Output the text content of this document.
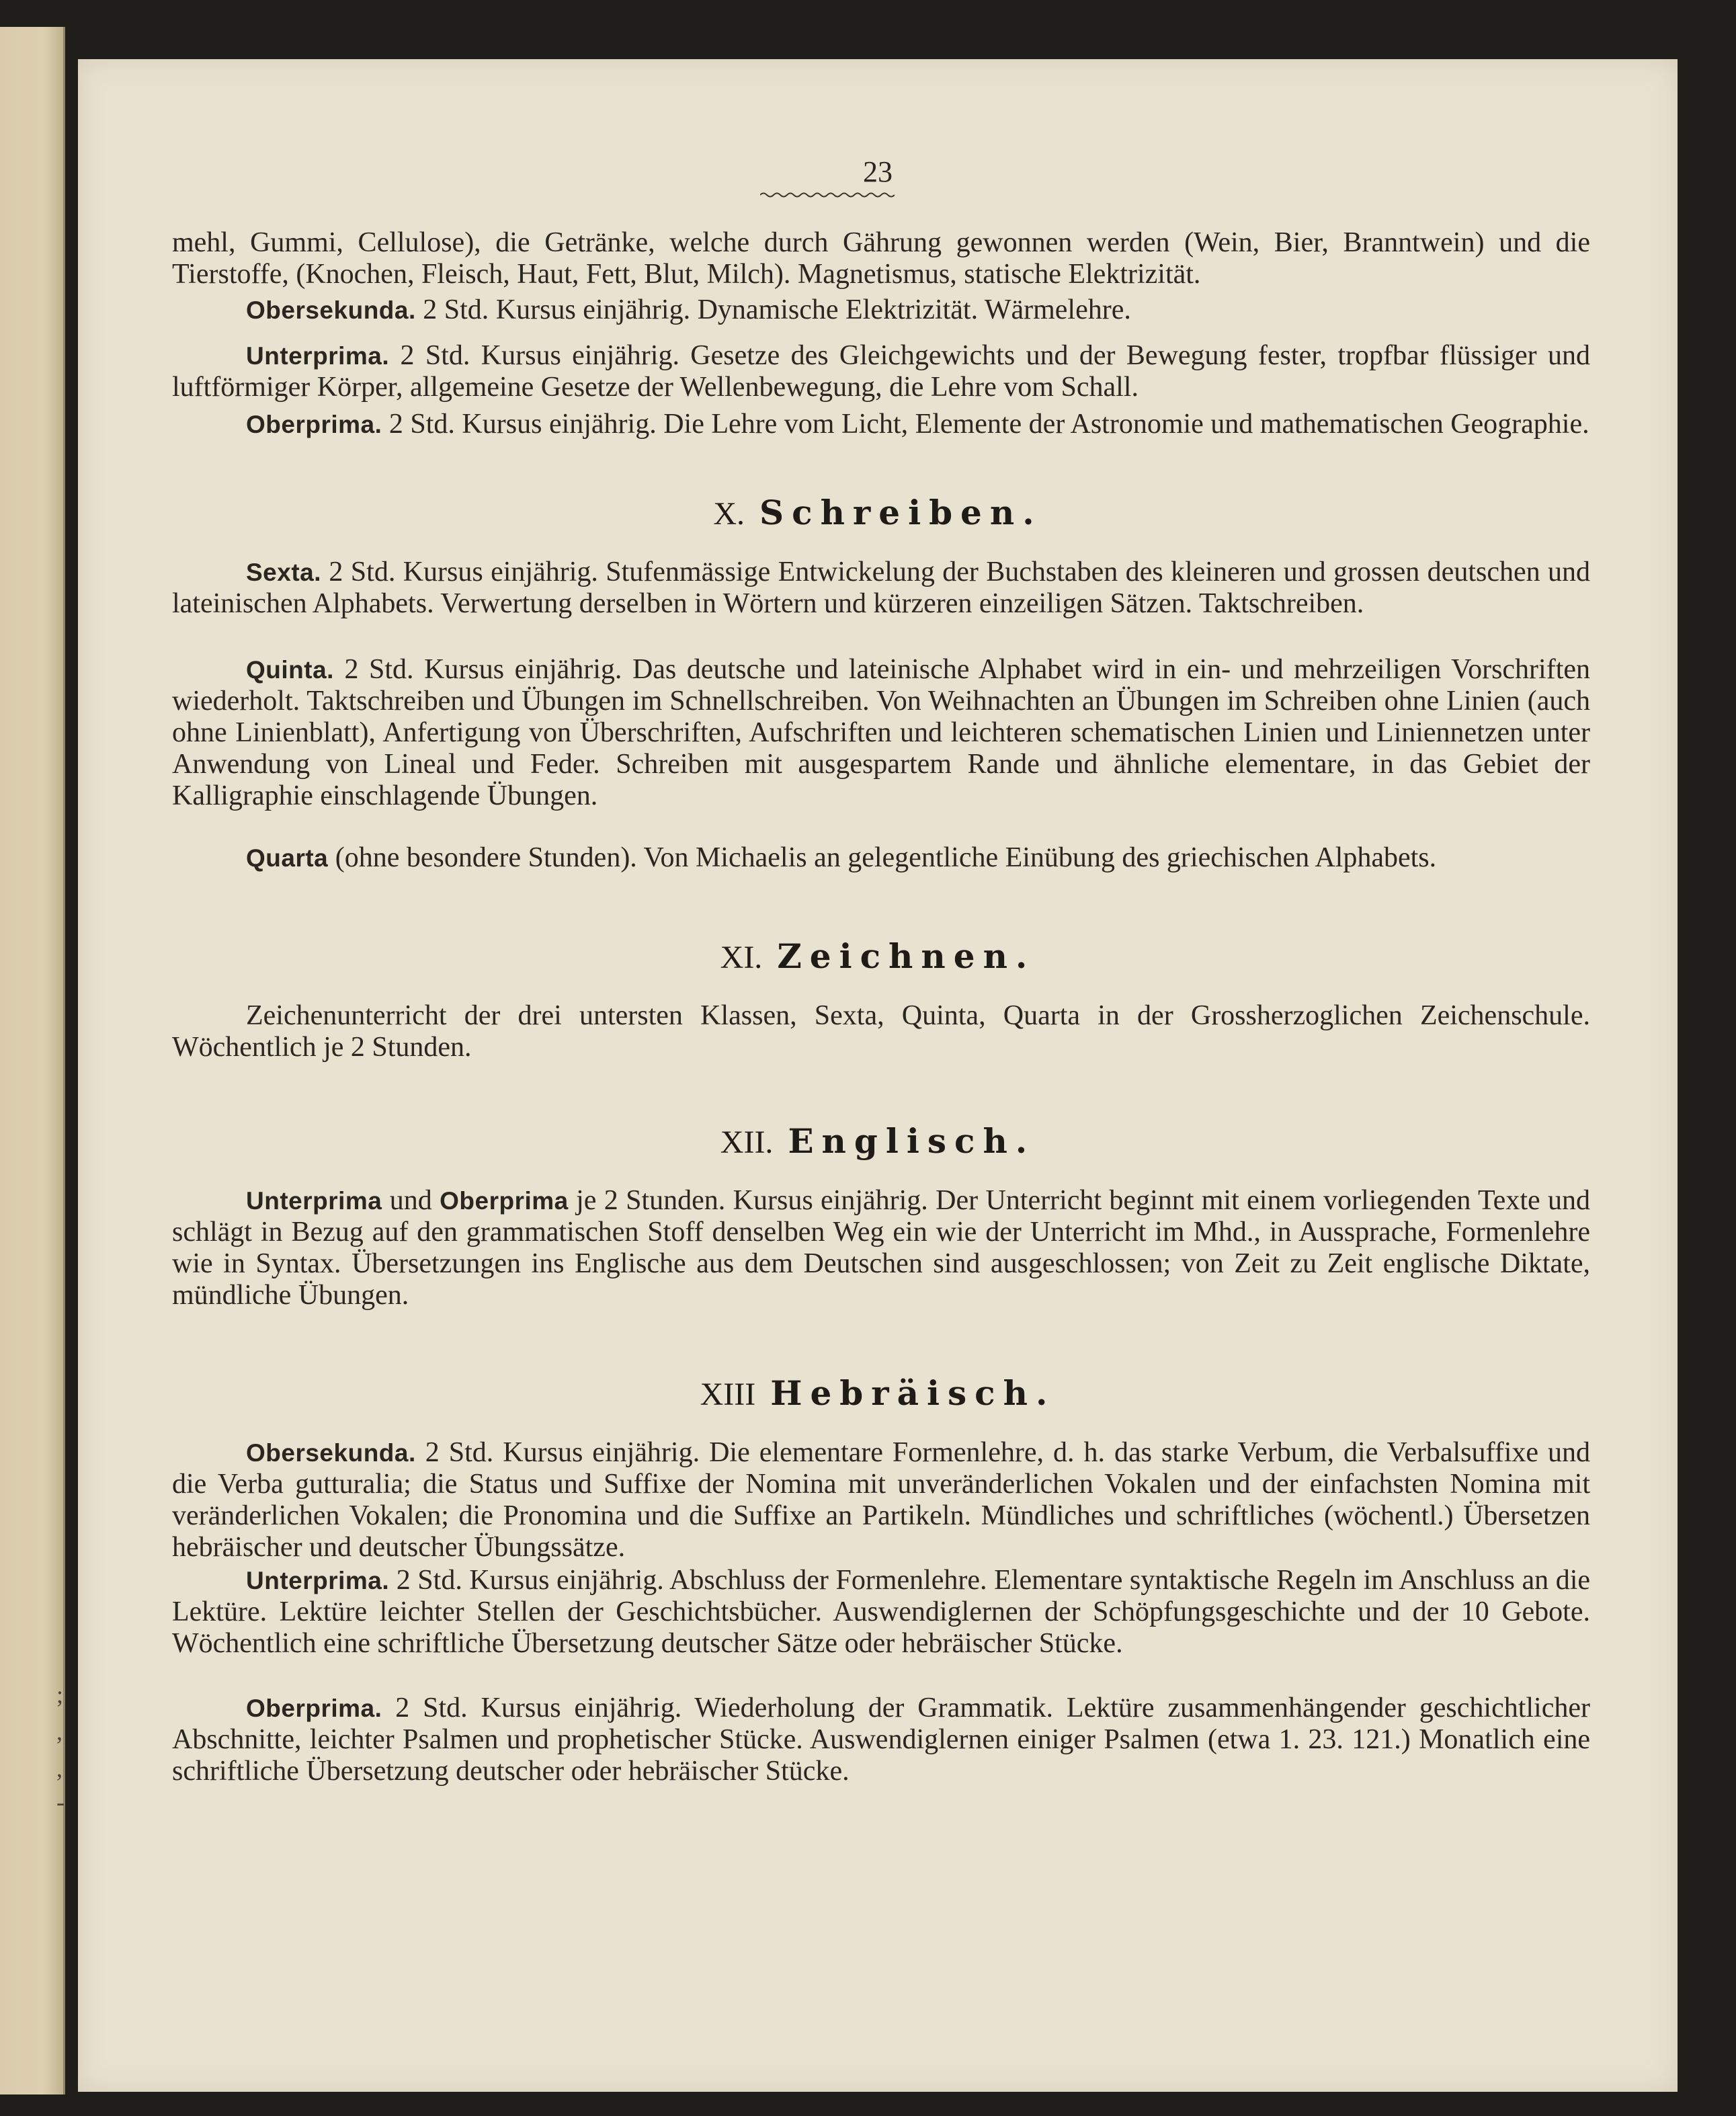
;
,
,
-
23
mehl, Gummi, Cellulose), die Getränke, welche durch Gährung gewonnen werden (Wein, Bier, Branntwein) und die Tierstoffe, (Knochen, Fleisch, Haut, Fett, Blut, Milch). Magnetismus, statische Elektrizität.
Obersekunda. 2 Std. Kursus einjährig. Dynamische Elektrizität. Wärmelehre.
Unterprima. 2 Std. Kursus einjährig. Gesetze des Gleichgewichts und der Bewegung fester, tropfbar flüssiger und luftförmiger Körper, allgemeine Gesetze der Wellenbewegung, die Lehre vom Schall.
Oberprima. 2 Std. Kursus einjährig. Die Lehre vom Licht, Elemente der Astronomie und mathematischen Geographie.
X. Schreiben.
Sexta. 2 Std. Kursus einjährig. Stufenmässige Entwickelung der Buchstaben des kleineren und grossen deutschen und lateinischen Alphabets. Verwertung derselben in Wörtern und kürzeren einzeiligen Sätzen. Taktschreiben.
Quinta. 2 Std. Kursus einjährig. Das deutsche und lateinische Alphabet wird in ein- und mehrzeiligen Vorschriften wiederholt. Taktschreiben und Übungen im Schnellschreiben. Von Weihnachten an Übungen im Schreiben ohne Linien (auch ohne Linienblatt), Anfertigung von Überschriften, Aufschriften und leichteren schematischen Linien und Liniennetzen unter Anwendung von Lineal und Feder. Schreiben mit ausgespartem Rande und ähnliche elementare, in das Gebiet der Kalligraphie einschlagende Übungen.
Quarta (ohne besondere Stunden). Von Michaelis an gelegentliche Einübung des griechischen Alphabets.
XI. Zeichnen.
Zeichenunterricht der drei untersten Klassen, Sexta, Quinta, Quarta in der Grossherzoglichen Zeichenschule. Wöchentlich je 2 Stunden.
XII. Englisch.
Unterprima und Oberprima je 2 Stunden. Kursus einjährig. Der Unterricht beginnt mit einem vorliegenden Texte und schlägt in Bezug auf den grammatischen Stoff denselben Weg ein wie der Unterricht im Mhd., in Aussprache, Formenlehre wie in Syntax. Übersetzungen ins Englische aus dem Deutschen sind ausgeschlossen; von Zeit zu Zeit englische Diktate, mündliche Übungen.
XIII Hebräisch.
Obersekunda. 2 Std. Kursus einjährig. Die elementare Formenlehre, d. h. das starke Verbum, die Verbalsuffixe und die Verba gutturalia; die Status und Suffixe der Nomina mit unveränderlichen Vokalen und der einfachsten Nomina mit veränderlichen Vokalen; die Pronomina und die Suffixe an Partikeln. Mündliches und schriftliches (wöchentl.) Übersetzen hebräischer und deutscher Übungssätze.
Unterprima. 2 Std. Kursus einjährig. Abschluss der Formenlehre. Elementare syntaktische Regeln im Anschluss an die Lektüre. Lektüre leichter Stellen der Geschichtsbücher. Auswendiglernen der Schöpfungsgeschichte und der 10 Gebote. Wöchentlich eine schriftliche Übersetzung deutscher Sätze oder hebräischer Stücke.
Oberprima. 2 Std. Kursus einjährig. Wiederholung der Grammatik. Lektüre zusammenhängender geschichtlicher Abschnitte, leichter Psalmen und prophetischer Stücke. Auswendiglernen einiger Psalmen (etwa 1. 23. 121.) Monatlich eine schriftliche Übersetzung deutscher oder hebräischer Stücke.
